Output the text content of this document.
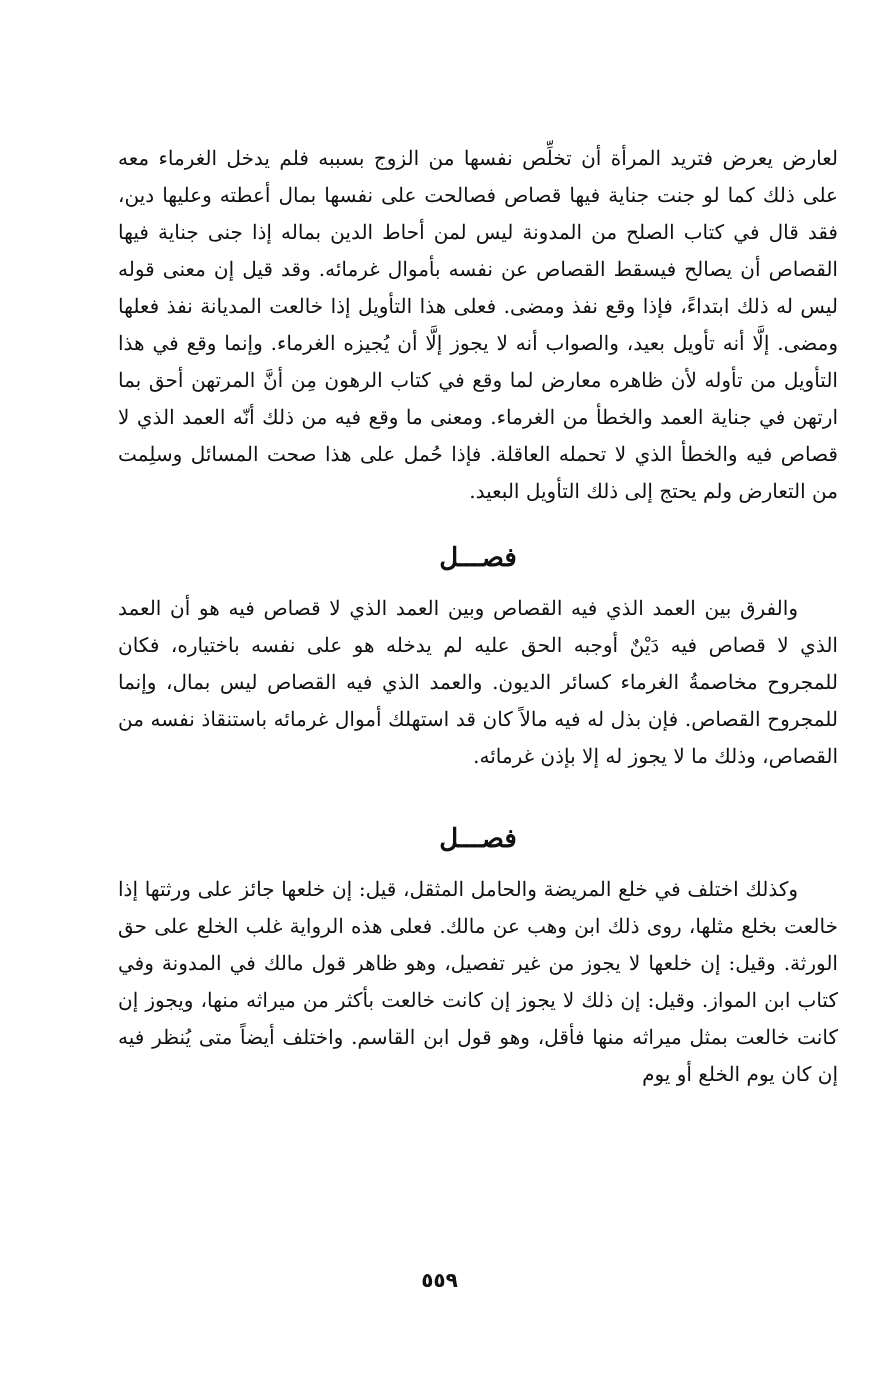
لعارض يعرض فتريد المرأة أن تخلِّص نفسها من الزوج بسببه فلم يدخل الغرماء معه على ذلك كما لو جنت جناية فيها قصاص فصالحت على نفسها بمال أعطته وعليها دين، فقد قال في كتاب الصلح من المدونة ليس لمن أحاط الدين بماله إذا جنى جناية فيها القصاص أن يصالح فيسقط القصاص عن نفسه بأموال غرمائه. وقد قيل إن معنى قوله ليس له ذلك ابتداءً، فإذا وقع نفذ ومضى. فعلى هذا التأويل إذا خالعت المديانة نفذ فعلها ومضى. إلَّا أنه تأويل بعيد، والصواب أنه لا يجوز إلَّا أن يُجيزه الغرماء. وإنما وقع في هذا التأويل من تأوله لأن ظاهره معارض لما وقع في كتاب الرهون مِن أنَّ المرتهن أحق بما ارتهن في جناية العمد والخطأ من الغرماء. ومعنى ما وقع فيه من ذلك أنّه العمد الذي لا قصاص فيه والخطأ الذي لا تحمله العاقلة. فإذا حُمل على هذا صحت المسائل وسلِمت من التعارض ولم يحتج إلى ذلك التأويل البعيد.

فصـــل

والفرق بين العمد الذي فيه القصاص وبين العمد الذي لا قصاص فيه هو أن العمد الذي لا قصاص فيه دَيْنٌ أوجبه الحق عليه لم يدخله هو على نفسه باختياره، فكان للمجروح مخاصمةُ الغرماء كسائر الديون. والعمد الذي فيه القصاص ليس بمال، وإنما للمجروح القصاص. فإن بذل له فيه مالاً كان قد استهلك أموال غرمائه باستنقاذ نفسه من القصاص، وذلك ما لا يجوز له إلا بإذن غرمائه.

فصـــل

وكذلك اختلف في خلع المريضة والحامل المثقل، قيل: إن خلعها جائز على ورثتها إذا خالعت بخلع مثلها، روى ذلك ابن وهب عن مالك. فعلى هذه الرواية غلب الخلع على حق الورثة. وقيل: إن خلعها لا يجوز من غير تفصيل، وهو ظاهر قول مالك في المدونة وفي كتاب ابن المواز. وقيل: إن ذلك لا يجوز إن كانت خالعت بأكثر من ميراثه منها، ويجوز إن كانت خالعت بمثل ميراثه منها فأقل، وهو قول ابن القاسم. واختلف أيضاً متى يُنظر فيه إن كان يوم الخلع أو يوم

٥٥٩
